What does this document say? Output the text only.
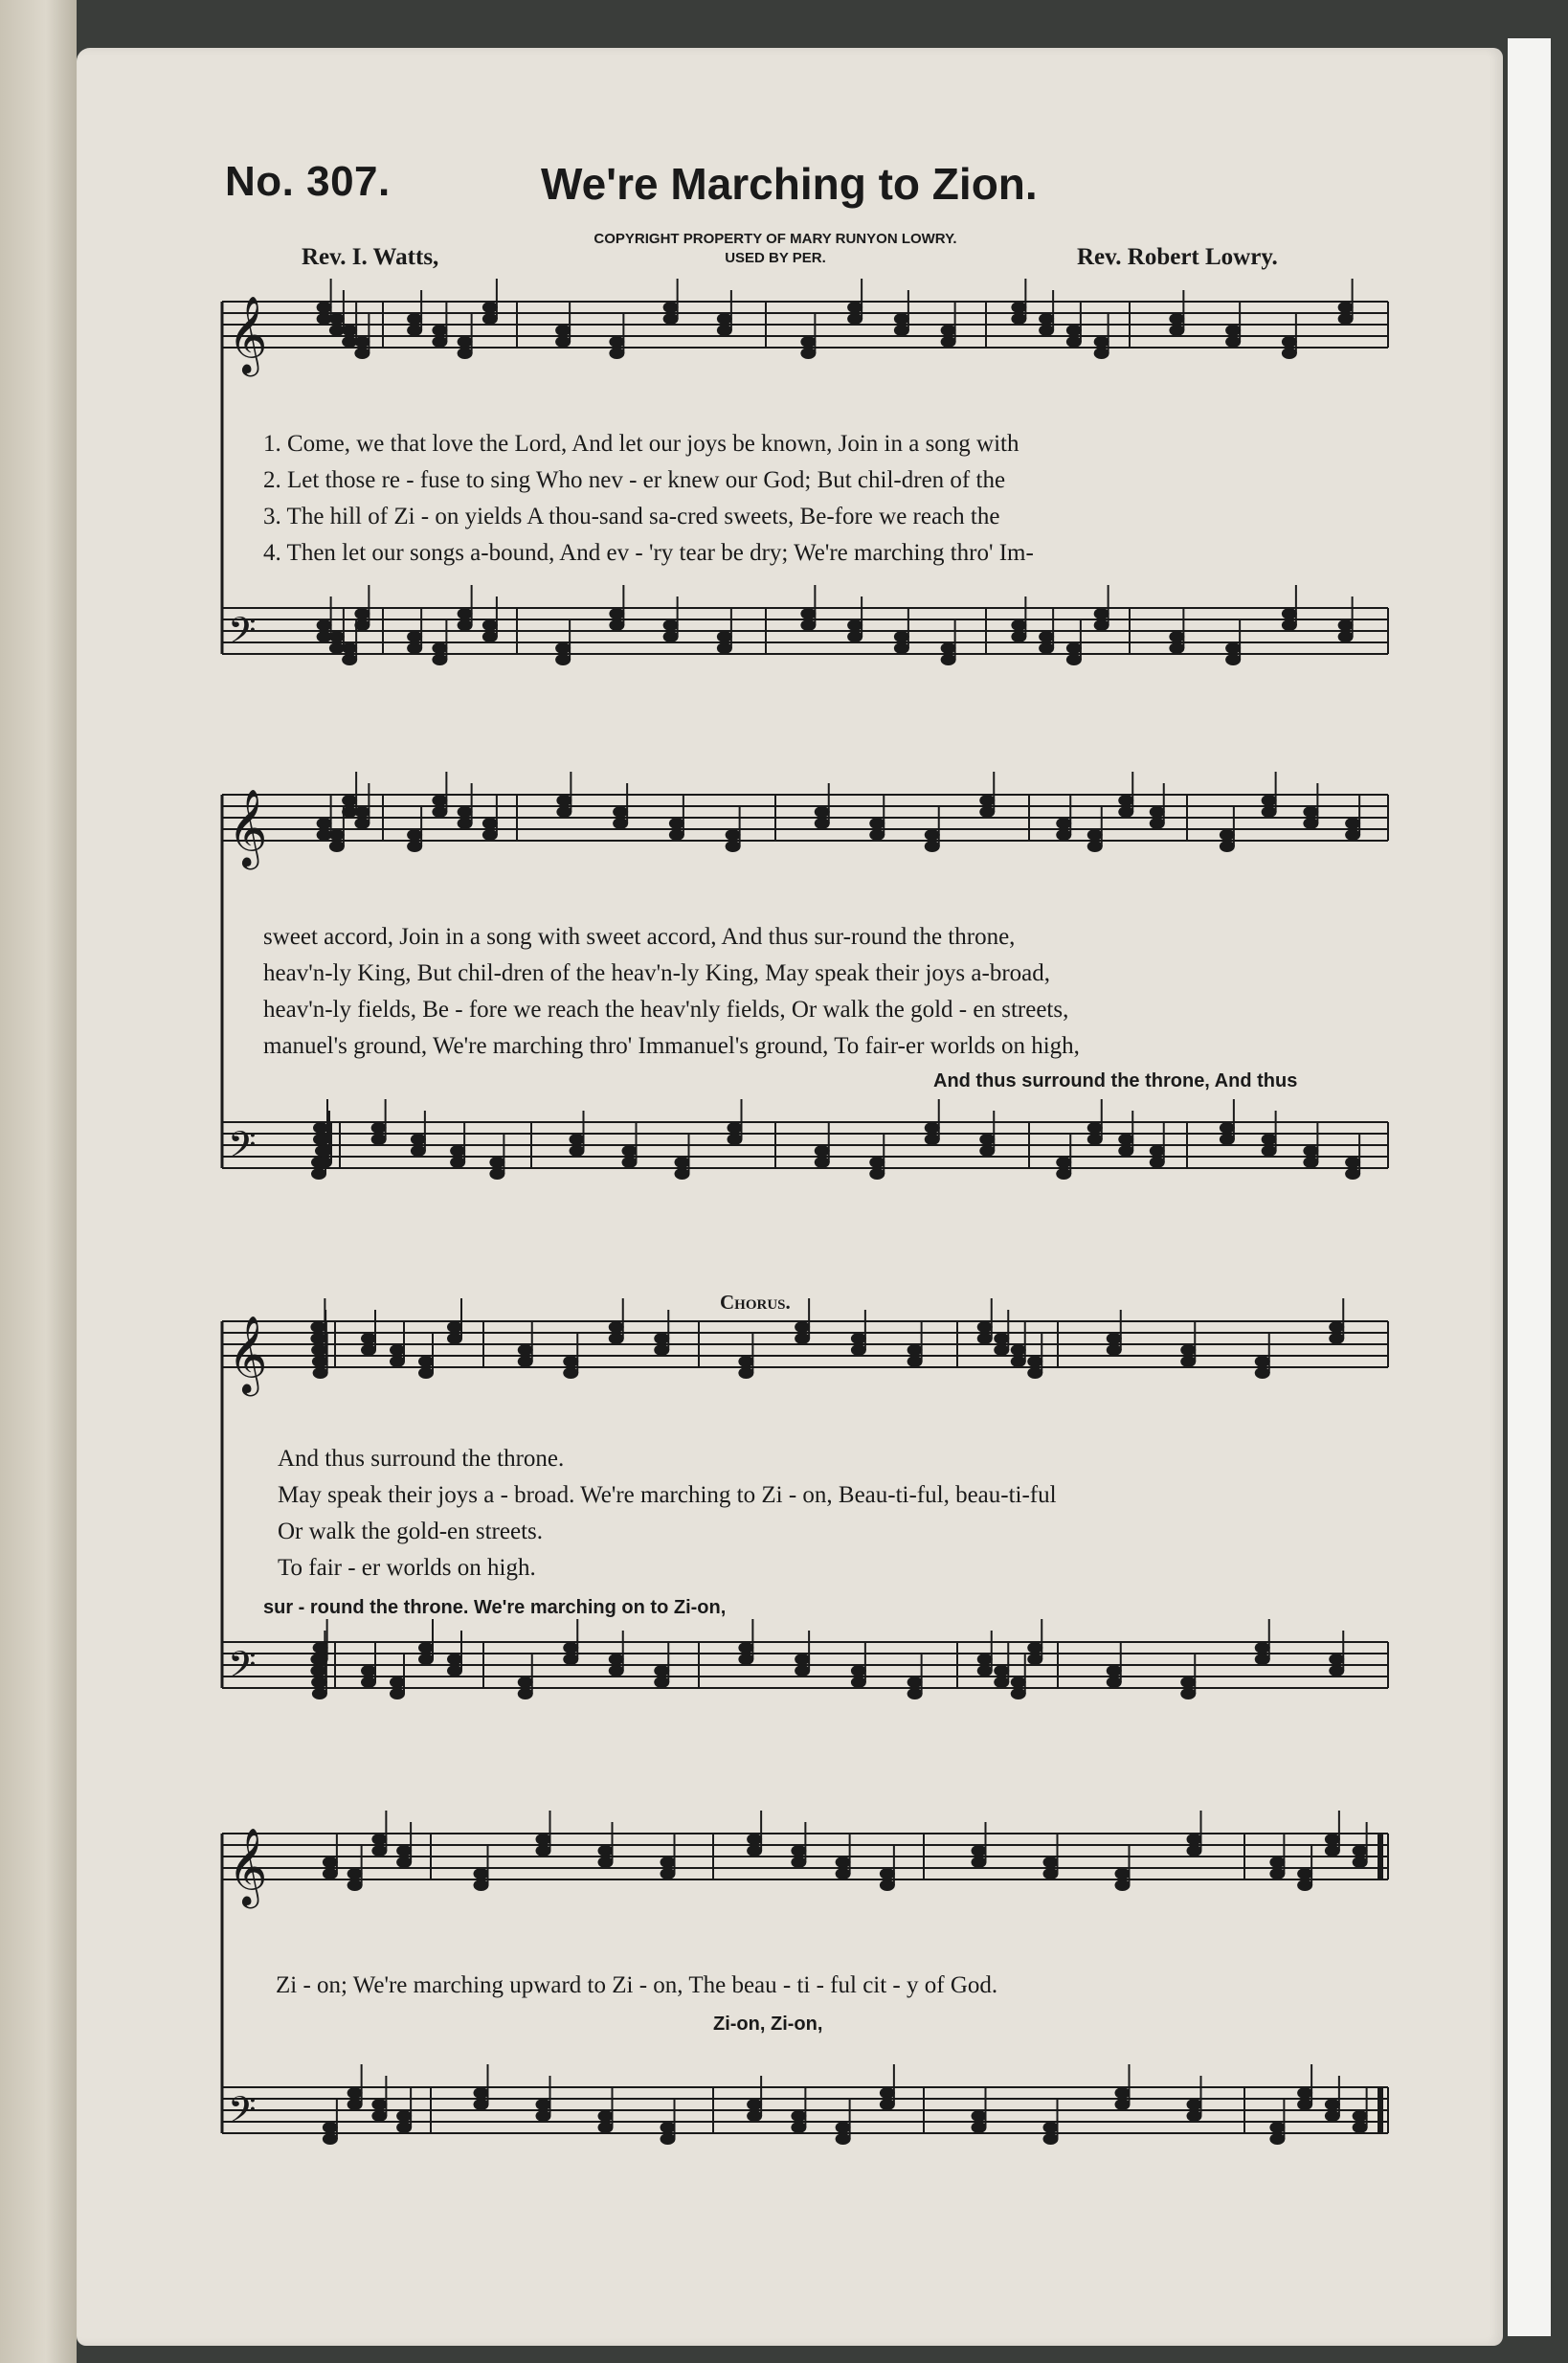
No. 307.	We're Marching to Zion.
COPYRIGHT PROPERTY OF MARY RUNYON LOWRY.
USED BY PER.
Rev. I. Watts,	Rev. Robert Lowry.
𝄞
𝄢
𝄞
𝄢
𝄞
𝄢
𝄞
𝄢
Chorus.
1. Come, we that love the Lord, And let our joys be known, Join in a song with
2. Let those re - fuse to sing Who nev - er knew our God; But chil-dren of the
3. The hill of Zi - on yields A thou-sand sa-cred sweets, Be-fore we reach the
4. Then let our songs a-bound, And ev - 'ry tear be dry; We're marching thro' Im-
sweet accord, Join in a song with sweet accord, And thus sur-round the throne,
heav'n-ly King, But chil-dren of the heav'n-ly King, May speak their joys a-broad,
heav'n-ly fields, Be - fore we reach the heav'nly fields, Or walk the gold - en streets,
manuel's ground, We're marching thro' Immanuel's ground, To fair-er worlds on high,
And thus surround the throne, And thus
And thus surround the throne.
May speak their joys a - broad. We're marching to Zi - on, Beau-ti-ful, beau-ti-ful
Or walk the gold-en streets.
To fair - er worlds on high.
sur - round the throne. We're marching on to Zi-on,
Zi - on; We're marching upward to Zi - on, The beau - ti - ful cit - y of God.
Zi-on, Zi-on,
